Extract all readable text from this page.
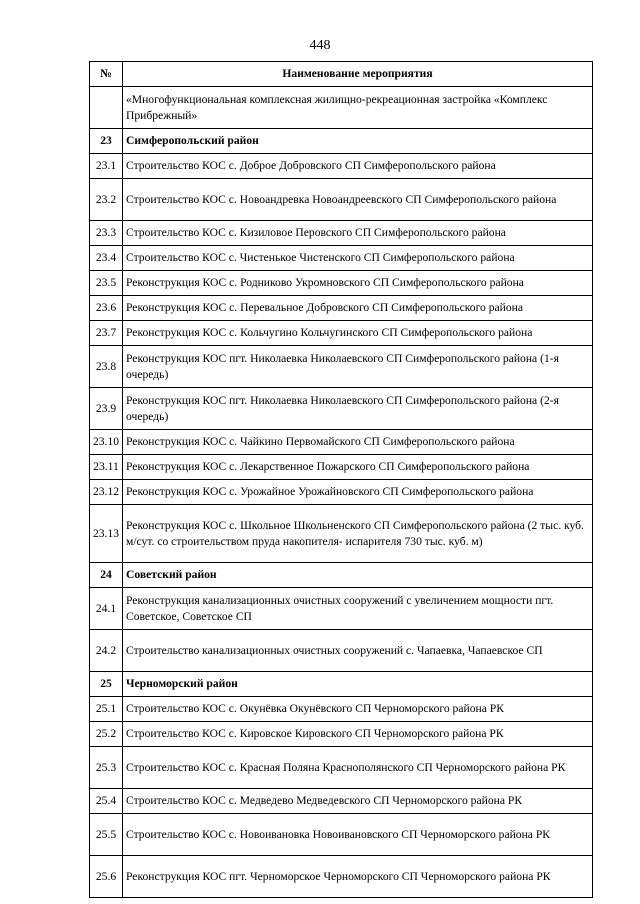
448
№	Наименование мероприятия
	«Многофункциональная комплексная жилищно-рекреационная застройка «Комплекс Прибрежный»
23	Симферопольский район
23.1	Строительство КОС с. Доброе Добровского СП Симферопольского района
23.2	Строительство КОС с. Новоандревка Новоандреевского СП Симферопольского района
23.3	Строительство КОС с. Кизиловое Перовского СП Симферопольского района
23.4	Строительство КОС с. Чистенькое Чистенского СП Симферопольского района
23.5	Реконструкция КОС с. Родниково Укромновского СП Симферопольского района
23.6	Реконструкция КОС с. Перевальное Добровского СП Симферопольского района
23.7	Реконструкция КОС с. Кольчугино Кольчугинского СП Симферопольского района
23.8	Реконструкция КОС пгт. Николаевка Николаевского СП Симферопольского района (1-я очередь)
23.9	Реконструкция КОС пгт. Николаевка Николаевского СП Симферопольского района (2-я очередь)
23.10	Реконструкция КОС с. Чайкино Первомайского СП Симферопольского района
23.11	Реконструкция КОС с. Лекарственное Пожарского СП Симферопольского района
23.12	Реконструкция КОС с. Урожайное Урожайновского СП Симферопольского района
23.13	Реконструкция КОС с. Школьное Школьненского СП Симферопольского района (2 тыс. куб. м/сут. со строительством пруда накопителя- испарителя 730 тыс. куб. м)
24	Советский район
24.1	Реконструкция канализационных очистных сооружений с увеличением мощности пгт. Советское, Советское СП
24.2	Строительство канализационных очистных сооружений с. Чапаевка, Чапаевское СП
25	Черноморский район
25.1	Строительство КОС с. Окунёвка Окунёвского СП Черноморского района РК
25.2	Строительство КОС с. Кировское Кировского СП Черноморского района РК
25.3	Строительство КОС с. Красная Поляна Краснополянского СП Черноморского района РК
25.4	Строительство КОС с. Медведево Медведевского СП Черноморского района РК
25.5	Строительство КОС с. Новоивановка Новоивановского СП Черноморского района РК
25.6	Реконструкция КОС пгт. Черноморское Черноморского СП Черноморского района РК
